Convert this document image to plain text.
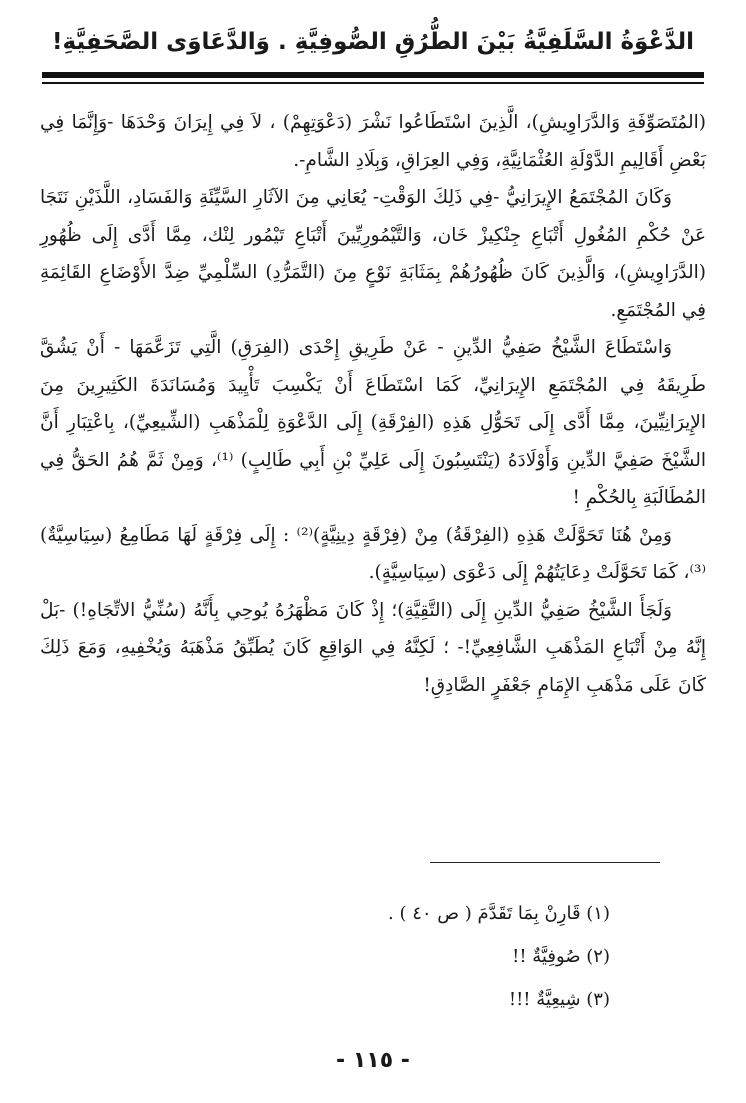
الدَّعْوَةُ السَّلَفِيَّةُ بَيْنَ الطُّرُقِ الصُّوفِيَّةِ . وَالدَّعَاوَى الصَّحَفِيَّةِ!

(المُتَصَوِّفَةِ وَالدَّرَاوِيشِ)، الَّذِينَ اسْتَطَاعُوا نَشْرَ (دَعْوَتِهِمْ) ، لاَ فِي إِيرَانَ وَحْدَهَا -وَإِنَّمَا فِي بَعْضِ أَقَالِيمِ الدَّوْلَةِ العُثْمَانِيَّةِ، وَفِي العِرَاقِ، وَبِلَادِ الشَّامِ-.

وَكَانَ المُجْتَمَعُ الإِيرَانِيُّ -فِي ذَلِكَ الوَقْتِ- يُعَانِي مِنَ الآثَارِ السَّيِّئَةِ وَالفَسَادِ، اللَّذَيْنِ نَتَجَا عَنْ حُكْمِ المُغُولِ أَتْبَاعِ جِنْكِيزْ خَان، وَالتَّيْمُورِيِّينَ أَتْبَاعِ تَيْمُور لِنْك، مِمَّا أَدَّى إِلَى ظُهُورِ (الدَّرَاوِيشِ)، وَالَّذِينَ كَانَ ظُهُورُهُمْ بِمَثَابَةِ نَوْعٍ مِنَ (التَّمَرُّدِ) السِّلْمِيِّ ضِدَّ الأَوْضَاعِ القَائِمَةِ فِي المُجْتَمَعِ.

وَاسْتَطَاعَ الشَّيْخُ صَفِيُّ الدِّينِ - عَنْ طَرِيقِ إِحْدَى (الفِرَقِ) الَّتِي تَزَعَّمَهَا - أَنْ يَشُقَّ طَرِيقَهُ فِي المُجْتَمَعِ الإِيرَانِيِّ، كَمَا اسْتَطَاعَ أَنْ يَكْسِبَ تَأْيِيدَ وَمُسَانَدَةَ الكَثِيرِينَ مِنَ الإِيرَانِيِّينَ، مِمَّا أَدَّى إِلَى تَحَوُّلِ هَذِهِ (الفِرْقَةِ) إِلَى الدَّعْوَةِ لِلْمَذْهَبِ (الشِّيعِيِّ)، بِاعْتِبَارِ أَنَّ الشَّيْخَ صَفِيَّ الدِّينِ وَأَوْلَادَهُ (يَنْتَسِبُونَ إِلَى عَلِيِّ بْنِ أَبِي طَالِبٍ) ⁽¹⁾، وَمِنْ ثَمَّ هُمُ الحَقُّ فِي المُطَالَبَةِ بِالحُكْمِ !

وَمِنْ هُنَا تَحَوَّلَتْ هَذِهِ (الفِرْقَةُ) مِنْ (فِرْقَةٍ دِينِيَّةٍ)⁽²⁾ : إِلَى فِرْقَةٍ لَهَا مَطَامِعُ (سِيَاسِيَّةٌ) ⁽³⁾، كَمَا تَحَوَّلَتْ دِعَايَتُهُمْ إِلَى دَعْوَى (سِيَاسِيَّةٍ).

وَلَجَأَ الشَّيْخُ صَفِيُّ الدِّينِ إِلَى (التَّقِيَّةِ)؛ إِذْ كَانَ مَظْهَرُهُ يُوحِي بِأَنَّهُ (سُنِّيُّ الاتِّجَاهِ!) -بَلْ إِنَّهُ مِنْ أَتْبَاعِ المَذْهَبِ الشَّافِعِيِّ!- ؛ لَكِنَّهُ فِي الوَاقِعِ كَانَ يُطَبِّقُ مَذْهَبَهُ وَيُخْفِيهِ، وَمَعَ ذَلِكَ كَانَ عَلَى مَذْهَبِ الإِمَامِ جَعْفَرٍ الصَّادِقِ!

(١) قَارِنْ بِمَا تَقَدَّمَ ( ص ٤٠ ) .
(٢) صُوفِيَّةٌ !!
(٣) شِيعِيَّةٌ !!!
- ١١٥ -
